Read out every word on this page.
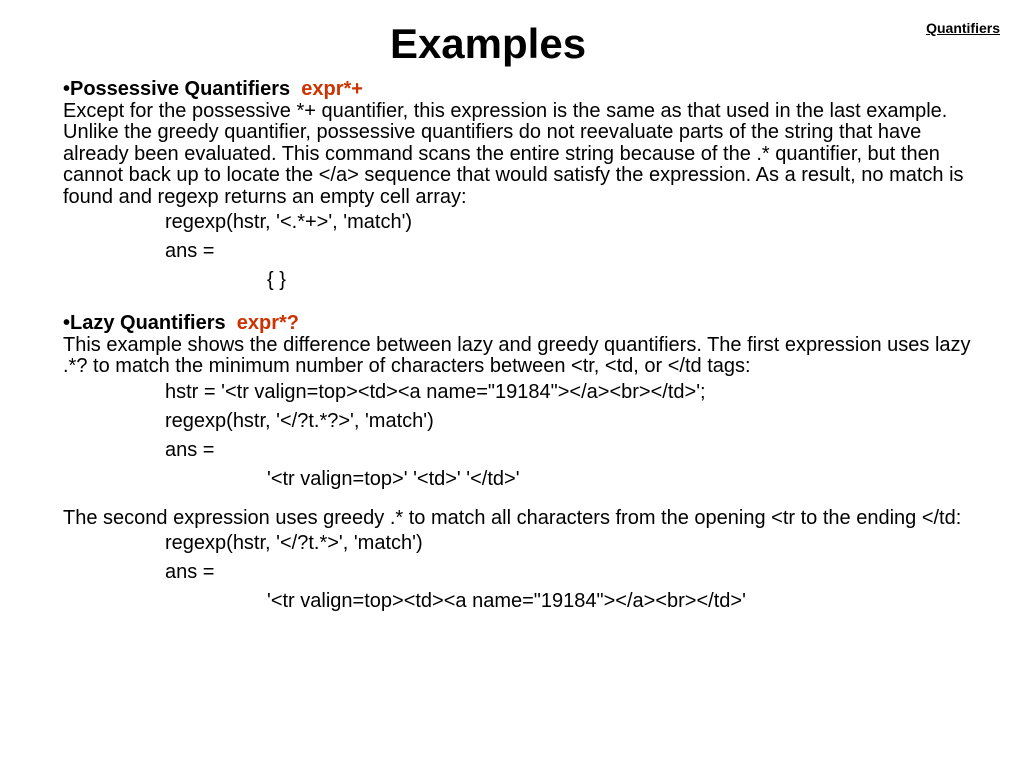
Examples	Quantifiers

•Possessive Quantifiers expr*+

Except for the possessive *+ quantifier, this expression is the same as that used in the last example. Unlike the greedy quantifier, possessive quantifiers do not reevaluate parts of the string that have already been evaluated. This command scans the entire string because of the .* quantifier, but then cannot back up to locate the </a> sequence that would satisfy the expression. As a result, no match is found and regexp returns an empty cell array:

regexp(hstr, '<.*+>', 'match')

ans =

{ }

•Lazy Quantifiers expr*?

This example shows the difference between lazy and greedy quantifiers. The first expression uses lazy .*? to match the minimum number of characters between <tr, <td, or </td tags:

hstr = '<tr valign=top><td><a name="19184"></a><br></td>';

regexp(hstr, '</?t.*?>', 'match')

ans =

'<tr valign=top>' '<td>' '</td>'

The second expression uses greedy .* to match all characters from the opening <tr to the ending </td:

regexp(hstr, '</?t.*>', 'match')

ans =

'<tr valign=top><td><a name="19184"></a><br></td>'
